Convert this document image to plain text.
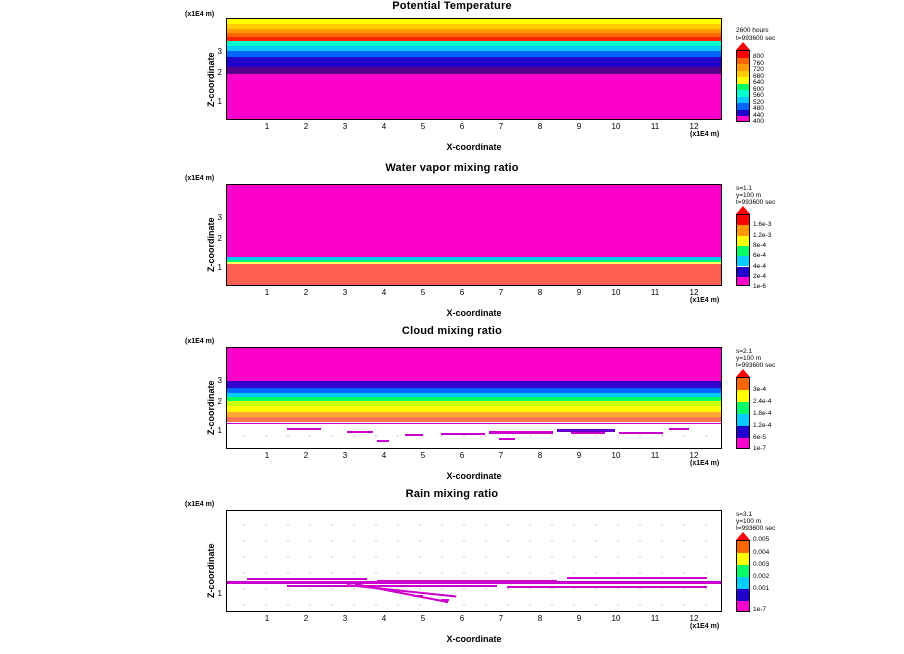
Potential Temperature
(x1E4 m)
Z-coordinate
3
2
1
1	2	3	4	5	6	7	8	9	10	11	12
(x1E4 m)
X-coordinate
2600 hours
t=993600 sec
800
760
720
680
640
600
560
520
480
440
400
Water vapor mixing ratio
(x1E4 m)
Z-coordinate 3
2
1
1	2	3	4	5	6	7	8	9	10	11	12
(x1E4 m)
X-coordinate
s=1.1
y=100 m
t=993600 sec
1.6e-3
1.2e-3
8e-4
6e-4
4e-4
2e-4
1e-6
Cloud mixing ratio
(x1E4 m)
Z-coordinate 3
2
1
1	2	3	4	5	6	7	8	9	10	11	12
(x1E4 m)
X-coordinate
s=2.1
y=100 m
t=993600 sec
3e-4
2.4e-4
1.8e-4
1.2e-4
6e-5
1e-7
Rain mixing ratio
(x1E4 m)
Z-coordinate 1
1	2	3	4	5	6	7	8	9	10	11	12
(x1E4 m)
X-coordinate
s=3.1
y=100 m
t=993600 sec
0.005
0.004
0.003
0.002
0.001
1e-7
